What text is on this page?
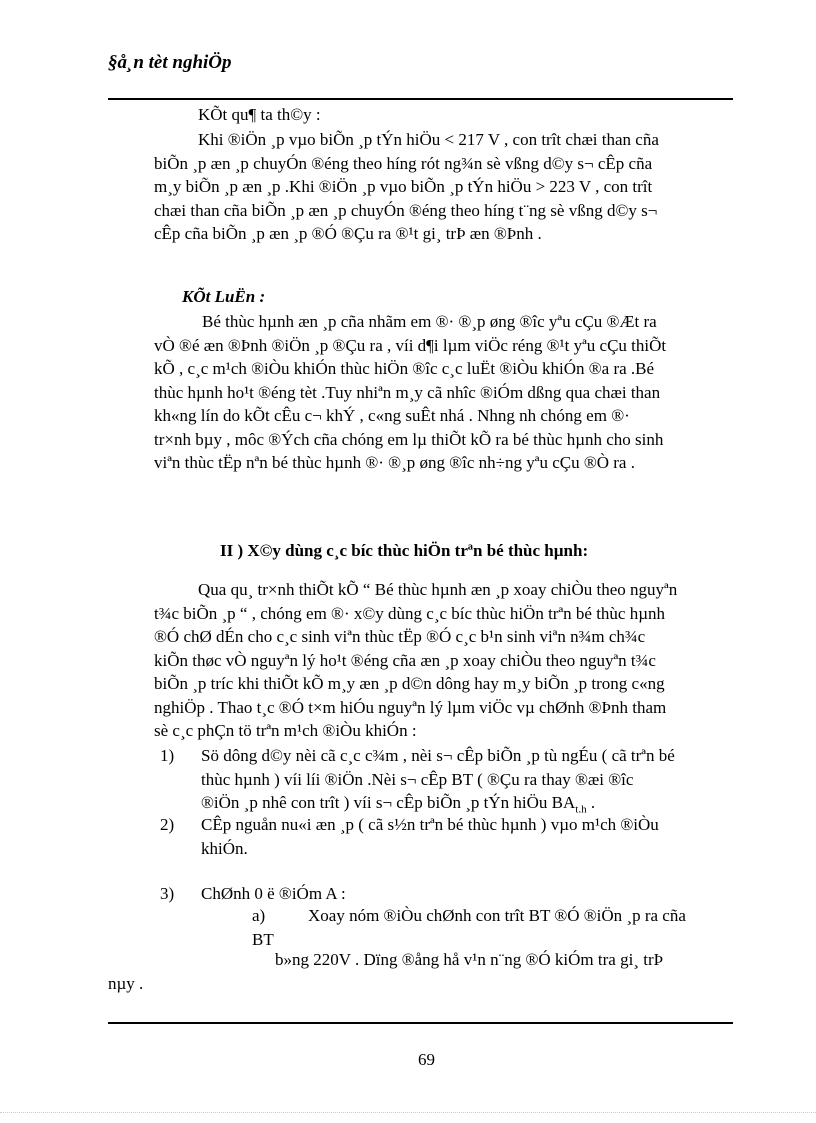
§å¸n tèt nghiÖp
KÕt qu¶ ta th©y :
Khi ®iÖn ¸p vµo biÕn ¸p tÝn hiÖu < 217 V , con trît chæi than cña
biÕn ¸p æn ¸p chuyÓn ®éng theo híng rót ng¾n sè vßng d©y s¬ cÊp cña
m¸y biÕn ¸p æn ¸p .Khi ®iÖn ¸p vµo biÕn ¸p tÝn hiÖu > 223 V , con trît
chæi than cña biÕn ¸p æn ¸p chuyÓn ®éng theo híng t¨ng sè vßng d©y s¬
cÊp cña biÕn ¸p æn ¸p ®Ó ®Çu ra ®¹t gi¸ trÞ æn ®Þnh .
KÕt LuËn :
Bé thùc hµnh æn ¸p cña nhãm em ®· ®¸p øng ®îc yªu cÇu ®Æt ra
vÒ ®é æn ®Þnh ®iÖn ¸p ®Çu ra , víi d¶i lµm viÖc réng ®¹t yªu cÇu thiÕt
kÕ , c¸c m¹ch ®iÒu khiÓn thùc hiÖn ®îc c¸c luËt ®iÒu khiÓn ®a ra .Bé
thùc hµnh ho¹t ®éng tèt .Tuy nhiªn m¸y cã nhîc ®iÓm dßng qua chæi than
kh«ng lín do kÕt cÊu c¬ khÝ , c«ng suÊt nhá . Nhng nh chóng em ®·
tr×nh bµy , môc ®Ých cña chóng em lµ thiÕt kÕ ra bé thùc hµnh cho sinh
viªn thùc tËp nªn bé thùc hµnh ®· ®¸p øng ®îc nh÷ng yªu cÇu ®Ò ra .
II ) X©y dùng c¸c bíc thùc hiÖn trªn bé thùc hµnh:
Qua qu¸ tr×nh thiÕt kÕ “ Bé thùc hµnh æn ¸p xoay chiÒu theo nguyªn
t¾c biÕn ¸p “ , chóng em ®· x©y dùng c¸c bíc thùc hiÖn trªn bé thùc hµnh
®Ó chØ dÉn cho c¸c sinh viªn thùc tËp ®Ó c¸c b¹n sinh viªn n¾m ch¾c
kiÕn thøc vÒ nguyªn lý ho¹t ®éng cña æn ¸p xoay chiÒu theo nguyªn t¾c
biÕn ¸p tríc khi thiÕt kÕ m¸y æn ¸p d©n dông hay m¸y biÕn ¸p trong c«ng
nghiÖp . Thao t¸c ®Ó t×m hiÓu nguyªn lý lµm viÖc vµ chØnh ®Þnh tham
sè c¸c phÇn tö trªn m¹ch ®iÒu khiÓn :
1) Sö dông d©y nèi cã c¸c c¾m , nèi s¬ cÊp biÕn ¸p tù ngÉu ( cã trªn bé
thùc hµnh ) víi líi ®iÖn .Nèi s¬ cÊp BT ( ®Çu ra thay ®æi ®îc
®iÖn ¸p nhê con trît ) víi s¬ cÊp biÕn ¸p tÝn hiÖu $BA_{t.h}$ .
2) CÊp nguån nu«i æn ¸p ( cã s½n trªn bé thùc hµnh ) vµo m¹ch ®iÒu
khiÓn.
3) ChØnh 0 ë ®iÓm A :
a)	Xoay nóm ®iÒu chØnh con trît BT ®Ó ®iÖn ¸p ra cña
BT
b»ng 220V . Dïng ®ång hå v¹n n¨ng ®Ó kiÓm tra gi¸ trÞ
nµy .
69
